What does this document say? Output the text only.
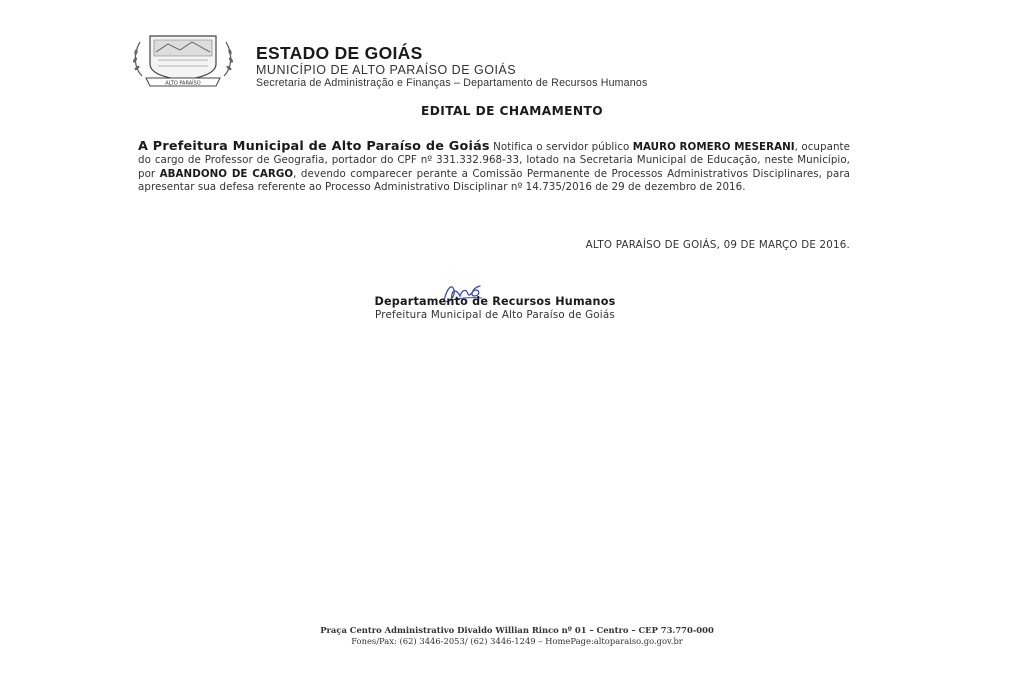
ALTO PARAÍSO
ESTADO DE GOIÁS
MUNICÍPIO DE ALTO PARAÍSO DE GOIÁS
Secretaria de Administração e Finanças – Departamento de Recursos Humanos
EDITAL DE CHAMAMENTO
A Prefeitura Municipal de Alto Paraíso de Goiás Notifica o servidor público MAURO ROMERO MESERANI, ocupante do cargo de Professor de Geografia, portador do CPF nº 331.332.968-33, lotado na Secretaria Municipal de Educação, neste Município, por ABANDONO DE CARGO, devendo comparecer perante a Comissão Permanente de Processos Administrativos Disciplinares, para apresentar sua defesa referente ao Processo Administrativo Disciplinar nº 14.735/2016 de 29 de dezembro de 2016.
ALTO PARAÍSO DE GOIÁS, 09 DE MARÇO DE 2016.
Departamento de Recursos Humanos
Prefeitura Municipal de Alto Paraíso de Goiás
Praça Centro Administrativo Divaldo Willian Rinco nº 01 – Centro – CEP 73.770-000
Fones/Pax: (62) 3446-2053/ (62) 3446-1249 – HomePage:altoparaiso.go.gov.br
